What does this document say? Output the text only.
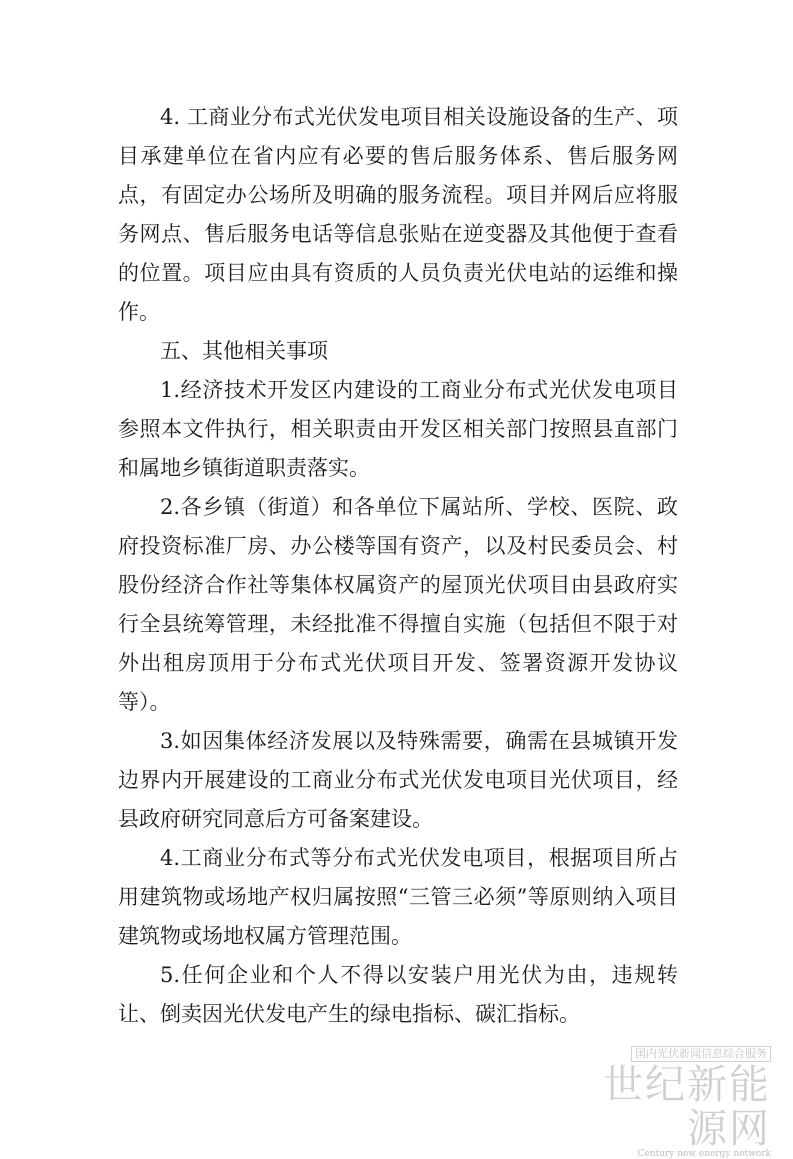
4. 工商业分布式光伏发电项目相关设施设备的生产、项目承建单位在省内应有必要的售后服务体系、售后服务网点，有固定办公场所及明确的服务流程。项目并网后应将服务网点、售后服务电话等信息张贴在逆变器及其他便于查看的位置。项目应由具有资质的人员负责光伏电站的运维和操作。

五、其他相关事项

1.经济技术开发区内建设的工商业分布式光伏发电项目参照本文件执行，相关职责由开发区相关部门按照县直部门和属地乡镇街道职责落实。

2.各乡镇（街道）和各单位下属站所、学校、医院、政府投资标准厂房、办公楼等国有资产，以及村民委员会、村股份经济合作社等集体权属资产的屋顶光伏项目由县政府实行全县统筹管理，未经批准不得擅自实施（包括但不限于对外出租房顶用于分布式光伏项目开发、签署资源开发协议等）。

3.如因集体经济发展以及特殊需要，确需在县城镇开发边界内开展建设的工商业分布式光伏发电项目光伏项目，经县政府研究同意后方可备案建设。

4.工商业分布式等分布式光伏发电项目，根据项目所占用建筑物或场地产权归属按照“三管三必须”等原则纳入项目建筑物或场地权属方管理范围。

5.任何企业和个人不得以安装户用光伏为由，违规转让、倒卖因光伏发电产生的绿电指标、碳汇指标。

国内光伏新闻信息综合服务
世纪新能源网
Century new energy network
